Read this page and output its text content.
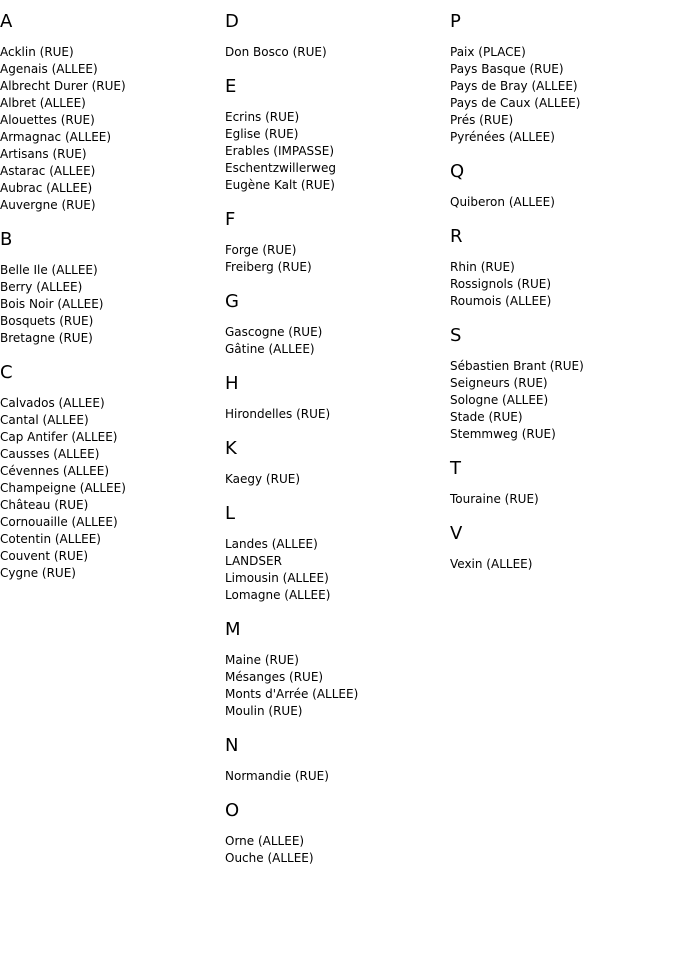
A
Acklin (RUE)
Agenais (ALLEE)
Albrecht Durer (RUE)
Albret (ALLEE)
Alouettes (RUE)
Armagnac (ALLEE)
Artisans (RUE)
Astarac (ALLEE)
Aubrac (ALLEE)
Auvergne (RUE)
B
Belle Ile (ALLEE)
Berry (ALLEE)
Bois Noir (ALLEE)
Bosquets (RUE)
Bretagne (RUE)
C
Calvados (ALLEE)
Cantal (ALLEE)
Cap Antifer (ALLEE)
Causses (ALLEE)
Cévennes (ALLEE)
Champeigne (ALLEE)
Château (RUE)
Cornouaille (ALLEE)
Cotentin (ALLEE)
Couvent (RUE)
Cygne (RUE)
D
Don Bosco (RUE)
E
Ecrins (RUE)
Eglise (RUE)
Erables (IMPASSE)
Eschentzwillerweg
Eugène Kalt (RUE)
F
Forge (RUE)
Freiberg (RUE)
G
Gascogne (RUE)
Gâtine (ALLEE)
H
Hirondelles (RUE)
K
Kaegy (RUE)
L
Landes (ALLEE)
LANDSER
Limousin (ALLEE)
Lomagne (ALLEE)
M
Maine (RUE)
Mésanges (RUE)
Monts d'Arrée (ALLEE)
Moulin (RUE)
N
Normandie (RUE)
O
Orne (ALLEE)
Ouche (ALLEE)
P
Paix (PLACE)
Pays Basque (RUE)
Pays de Bray (ALLEE)
Pays de Caux (ALLEE)
Prés (RUE)
Pyrénées (ALLEE)
Q
Quiberon (ALLEE)
R
Rhin (RUE)
Rossignols (RUE)
Roumois (ALLEE)
S
Sébastien Brant (RUE)
Seigneurs (RUE)
Sologne (ALLEE)
Stade (RUE)
Stemmweg (RUE)
T
Touraine (RUE)
V
Vexin (ALLEE)
